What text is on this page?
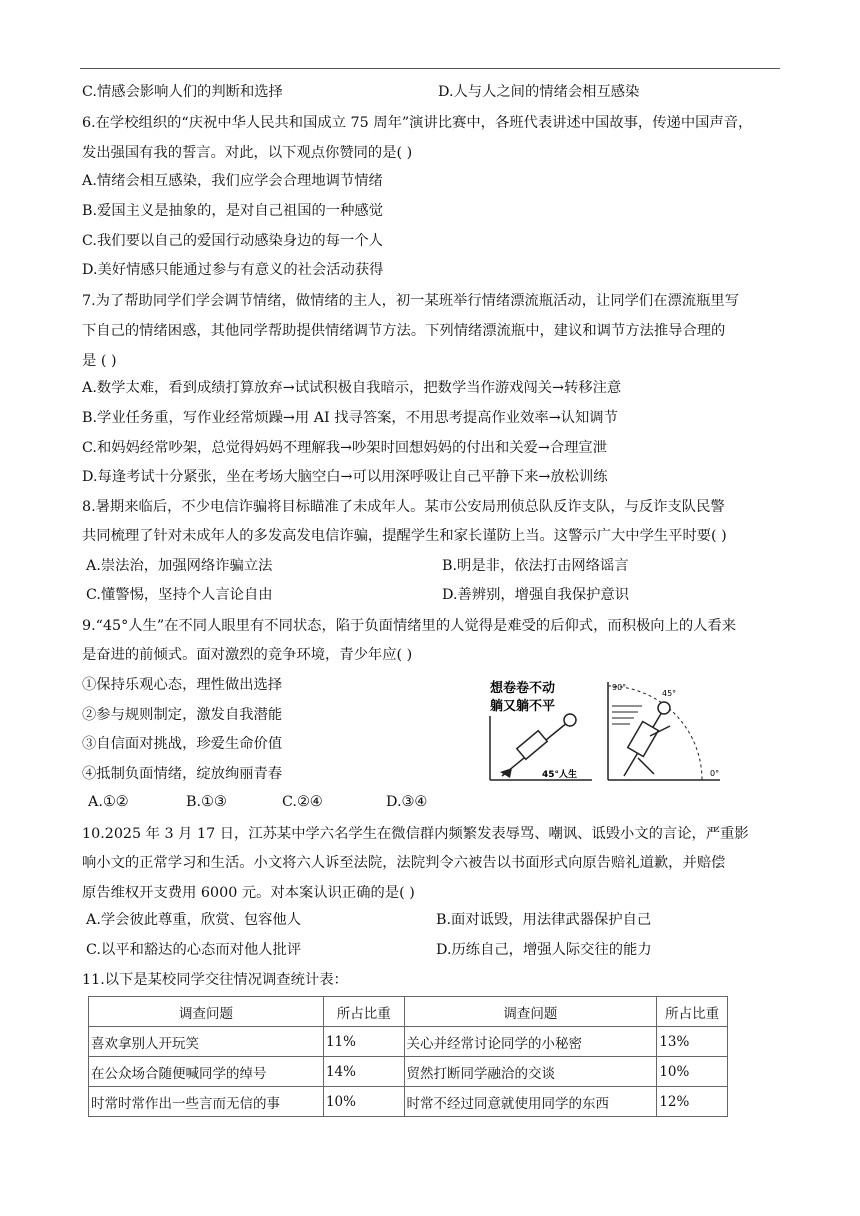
C.情感会影响人们的判断和选择	D.人与人之间的情绪会相互感染
6.在学校组织的“庆祝中华人民共和国成立 75 周年”演讲比赛中，各班代表讲述中国故事，传递中国声音，
发出强国有我的誓言。对此，以下观点你赞同的是( )
A.情绪会相互感染，我们应学会合理地调节情绪
B.爱国主义是抽象的，是对自己祖国的一种感觉
C.我们要以自己的爱国行动感染身边的每一个人
D.美好情感只能通过参与有意义的社会活动获得
7.为了帮助同学们学会调节情绪，做情绪的主人，初一某班举行情绪漂流瓶活动，让同学们在漂流瓶里写
下自己的情绪困惑，其他同学帮助提供情绪调节方法。下列情绪漂流瓶中，建议和调节方法推导合理的
是 ( )
A.数学太难，看到成绩打算放弃→试试积极自我暗示，把数学当作游戏闯关→转移注意
B.学业任务重，写作业经常烦躁→用 AI 找寻答案，不用思考提高作业效率→认知调节
C.和妈妈经常吵架，总觉得妈妈不理解我→吵架时回想妈妈的付出和关爱→合理宣泄
D.每逢考试十分紧张，坐在考场大脑空白→可以用深呼吸让自己平静下来→放松训练
8.暑期来临后，不少电信诈骗将目标瞄准了未成年人。某市公安局刑侦总队反诈支队，与反诈支队民警
共同梳理了针对未成年人的多发高发电信诈骗，提醒学生和家长谨防上当。这警示广大中学生平时要( )
A.崇法治，加强网络诈骗立法	B.明是非，依法打击网络谣言
C.懂警惕，坚持个人言论自由	D.善辨别，增强自我保护意识
9.“45°人生”在不同人眼里有不同状态，陷于负面情绪里的人觉得是难受的后仰式，而积极向上的人看来
是奋进的前倾式。面对激烈的竞争环境，青少年应( )
①保持乐观心态，理性做出选择
②参与规则制定，激发自我潜能
③自信面对挑战，珍爱生命价值
④抵制负面情绪，绽放绚丽青春
A.①②	B.①③	C.②④	D.③④
想卷卷不动
躺又躺不平
45°人生
90°
45°
0°
10.2025 年 3 月 17 日，江苏某中学六名学生在微信群内频繁发表辱骂、嘲讽、诋毁小文的言论，严重影
响小文的正常学习和生活。小文将六人诉至法院，法院判令六被告以书面形式向原告赔礼道歉，并赔偿
原告维权开支费用 6000 元。对本案认识正确的是( )
A.学会彼此尊重，欣赏、包容他人	B.面对诋毁，用法律武器保护自己
C.以平和豁达的心态而对他人批评	D.历练自己，增强人际交往的能力
11.以下是某校同学交往情况调查统计表：
调查问题	所占比重	调查问题	所占比重
喜欢拿别人开玩笑	11%	关心并经常讨论同学的小秘密	13%
在公众场合随便喊同学的绰号	14%	贸然打断同学融洽的交谈	10%
时常时常作出一些言而无信的事	10%	时常不经过同意就使用同学的东西	12%
